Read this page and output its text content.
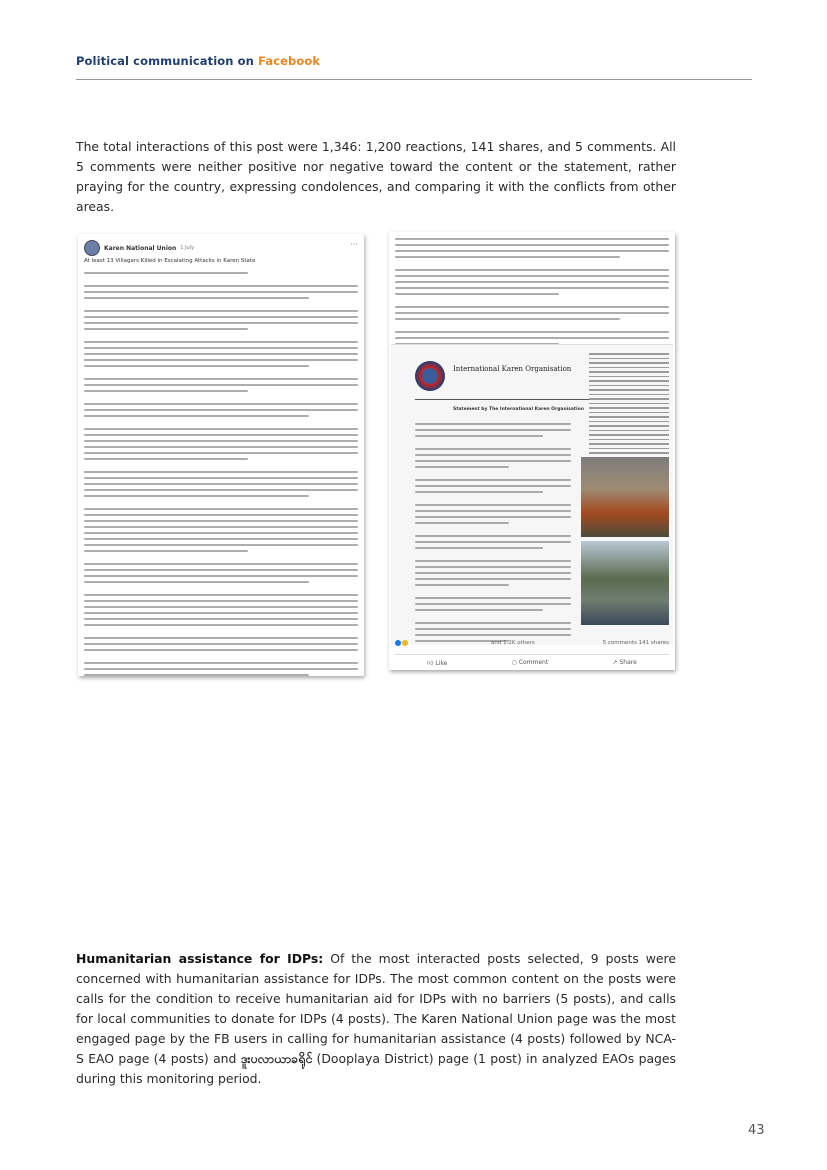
Political communication on Facebook
The total interactions of this post were 1,346: 1,200 reactions, 141 shares, and 5 comments. All 5 comments were neither positive nor negative toward the content or the statement, rather praying for the country, expressing condolences, and comparing it with the conflicts from other areas.
Karen National Union 1 July	···
At least 13 Villagers Killed in Escalating Attacks in Karen State
International Karen Organisation
Statement by The International Karen Organisation
and 1.2K others	5 comments 141 shares
👍︎ Like	○ Comment	↗ Share
Humanitarian assistance for IDPs: Of the most interacted posts selected, 9 posts were concerned with humanitarian assistance for IDPs. The most common content on the posts were calls for the condition to receive humanitarian aid for IDPs with no barriers (5 posts), and calls for local communities to donate for IDPs (4 posts). The Karen National Union page was the most engaged page by the FB users in calling for humanitarian assistance (4 posts) followed by NCA-S EAO page (4 posts) and ဒူးပလာယာခရိုင် (Dooplaya District) page (1 post) in analyzed EAOs pages during this monitoring period.
43
